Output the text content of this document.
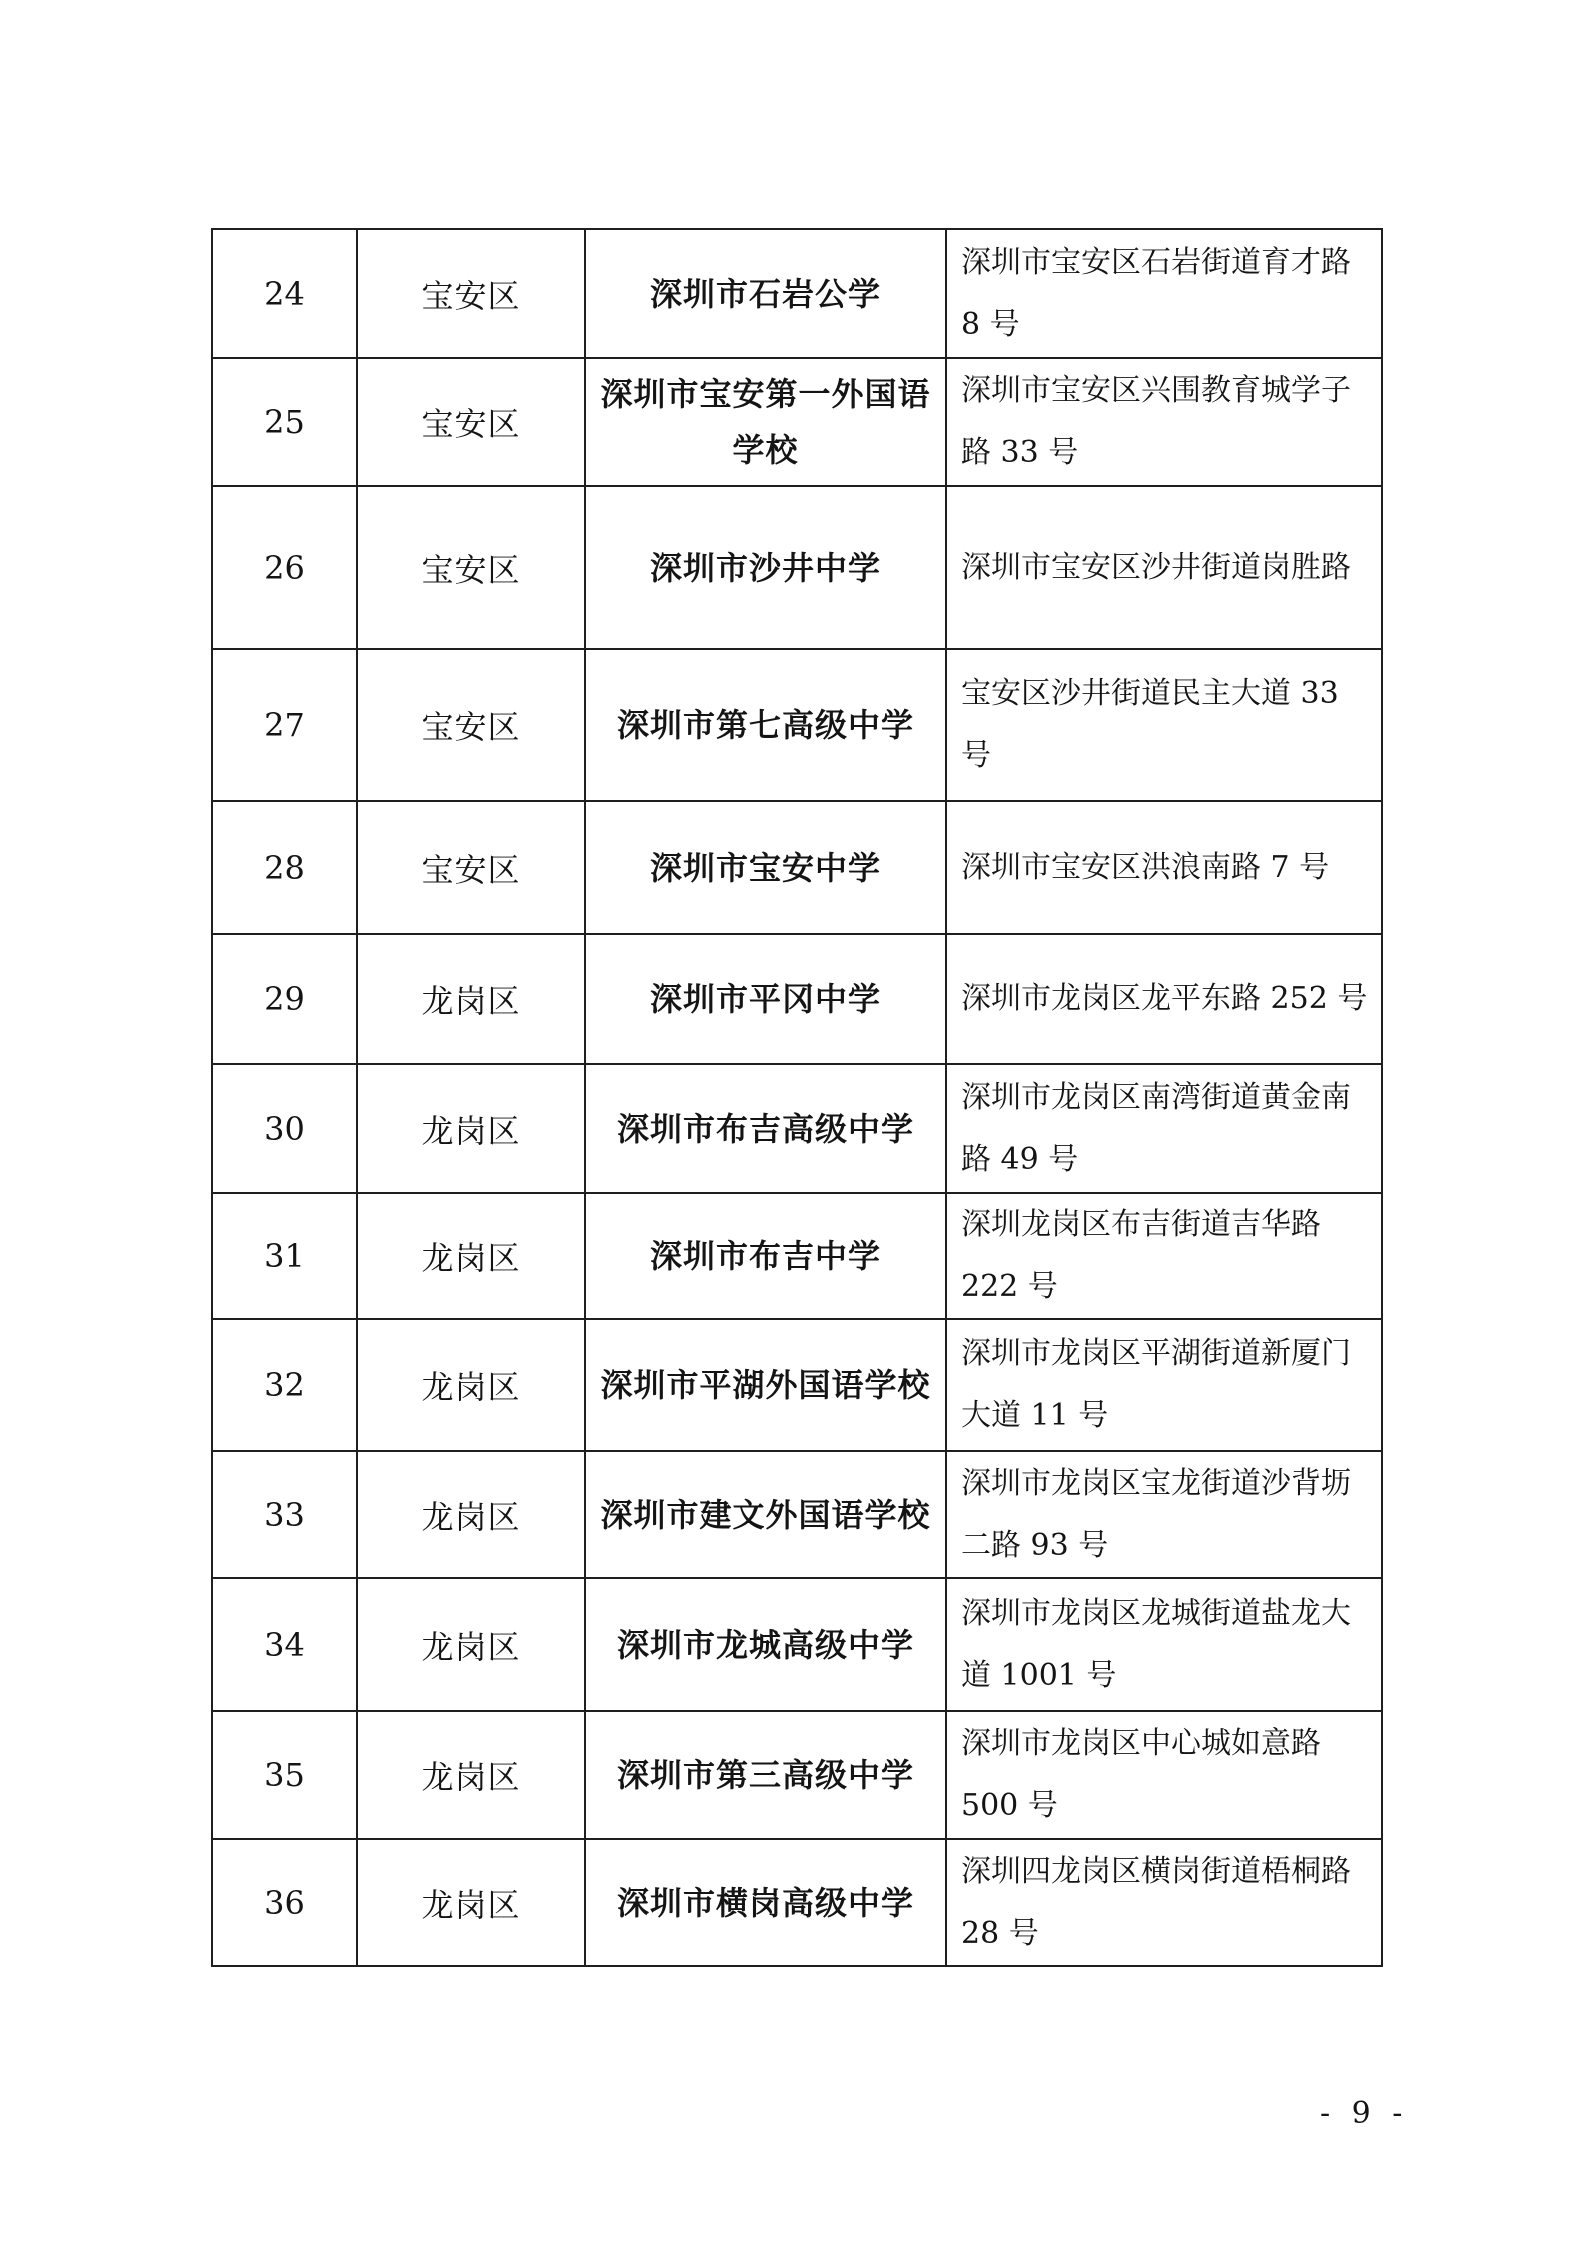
24	宝安区	深圳市石岩公学	深圳市宝安区石岩街道育才路 8 号
25	宝安区	深圳市宝安第一外国语学校	深圳市宝安区兴围教育城学子路 33 号
26	宝安区	深圳市沙井中学	深圳市宝安区沙井街道岗胜路
27	宝安区	深圳市第七高级中学	宝安区沙井街道民主大道 33 号
28	宝安区	深圳市宝安中学	深圳市宝安区洪浪南路 7 号
29	龙岗区	深圳市平冈中学	深圳市龙岗区龙平东路 252 号
30	龙岗区	深圳市布吉高级中学	深圳市龙岗区南湾街道黄金南路 49 号
31	龙岗区	深圳市布吉中学	深圳龙岗区布吉街道吉华路 222 号
32	龙岗区	深圳市平湖外国语学校	深圳市龙岗区平湖街道新厦门大道 11 号
33	龙岗区	深圳市建文外国语学校	深圳市龙岗区宝龙街道沙背坜二路 93 号
34	龙岗区	深圳市龙城高级中学	深圳市龙岗区龙城街道盐龙大道 1001 号
35	龙岗区	深圳市第三高级中学	深圳市龙岗区中心城如意路 500 号
36	龙岗区	深圳市横岗高级中学	深圳四龙岗区横岗街道梧桐路 28 号
- 9 -
